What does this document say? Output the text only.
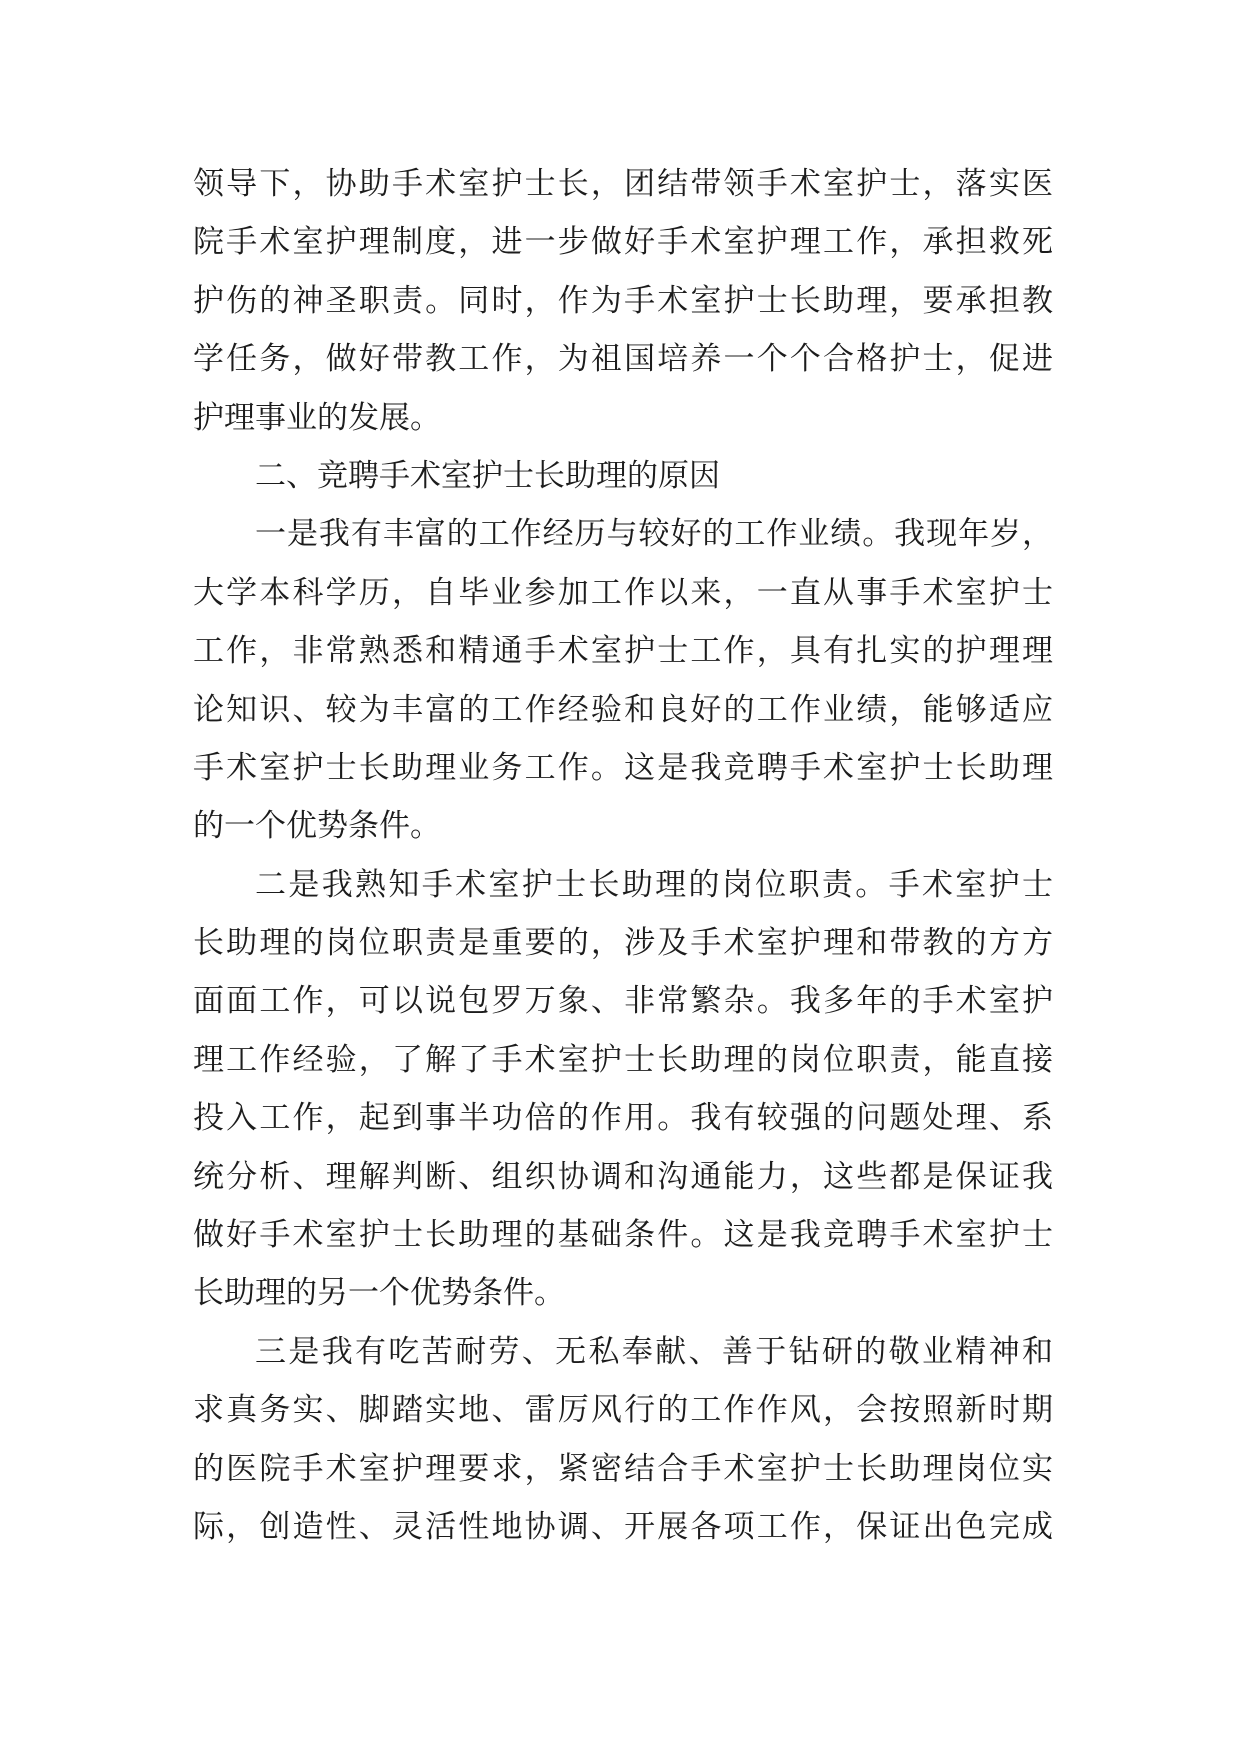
领导下，协助手术室护士长，团结带领手术室护士，落实医
院手术室护理制度，进一步做好手术室护理工作，承担救死
护伤的神圣职责。同时，作为手术室护士长助理，要承担教
学任务，做好带教工作，为祖国培养一个个合格护士，促进
护理事业的发展。
二、竞聘手术室护士长助理的原因
一是我有丰富的工作经历与较好的工作业绩。我现年岁，
大学本科学历，自毕业参加工作以来，一直从事手术室护士
工作，非常熟悉和精通手术室护士工作，具有扎实的护理理
论知识、较为丰富的工作经验和良好的工作业绩，能够适应
手术室护士长助理业务工作。这是我竞聘手术室护士长助理
的一个优势条件。
二是我熟知手术室护士长助理的岗位职责。手术室护士
长助理的岗位职责是重要的，涉及手术室护理和带教的方方
面面工作，可以说包罗万象、非常繁杂。我多年的手术室护
理工作经验，了解了手术室护士长助理的岗位职责，能直接
投入工作，起到事半功倍的作用。我有较强的问题处理、系
统分析、理解判断、组织协调和沟通能力，这些都是保证我
做好手术室护士长助理的基础条件。这是我竞聘手术室护士
长助理的另一个优势条件。
三是我有吃苦耐劳、无私奉献、善于钻研的敬业精神和
求真务实、脚踏实地、雷厉风行的工作作风，会按照新时期
的医院手术室护理要求，紧密结合手术室护士长助理岗位实
际，创造性、灵活性地协调、开展各项工作，保证出色完成
